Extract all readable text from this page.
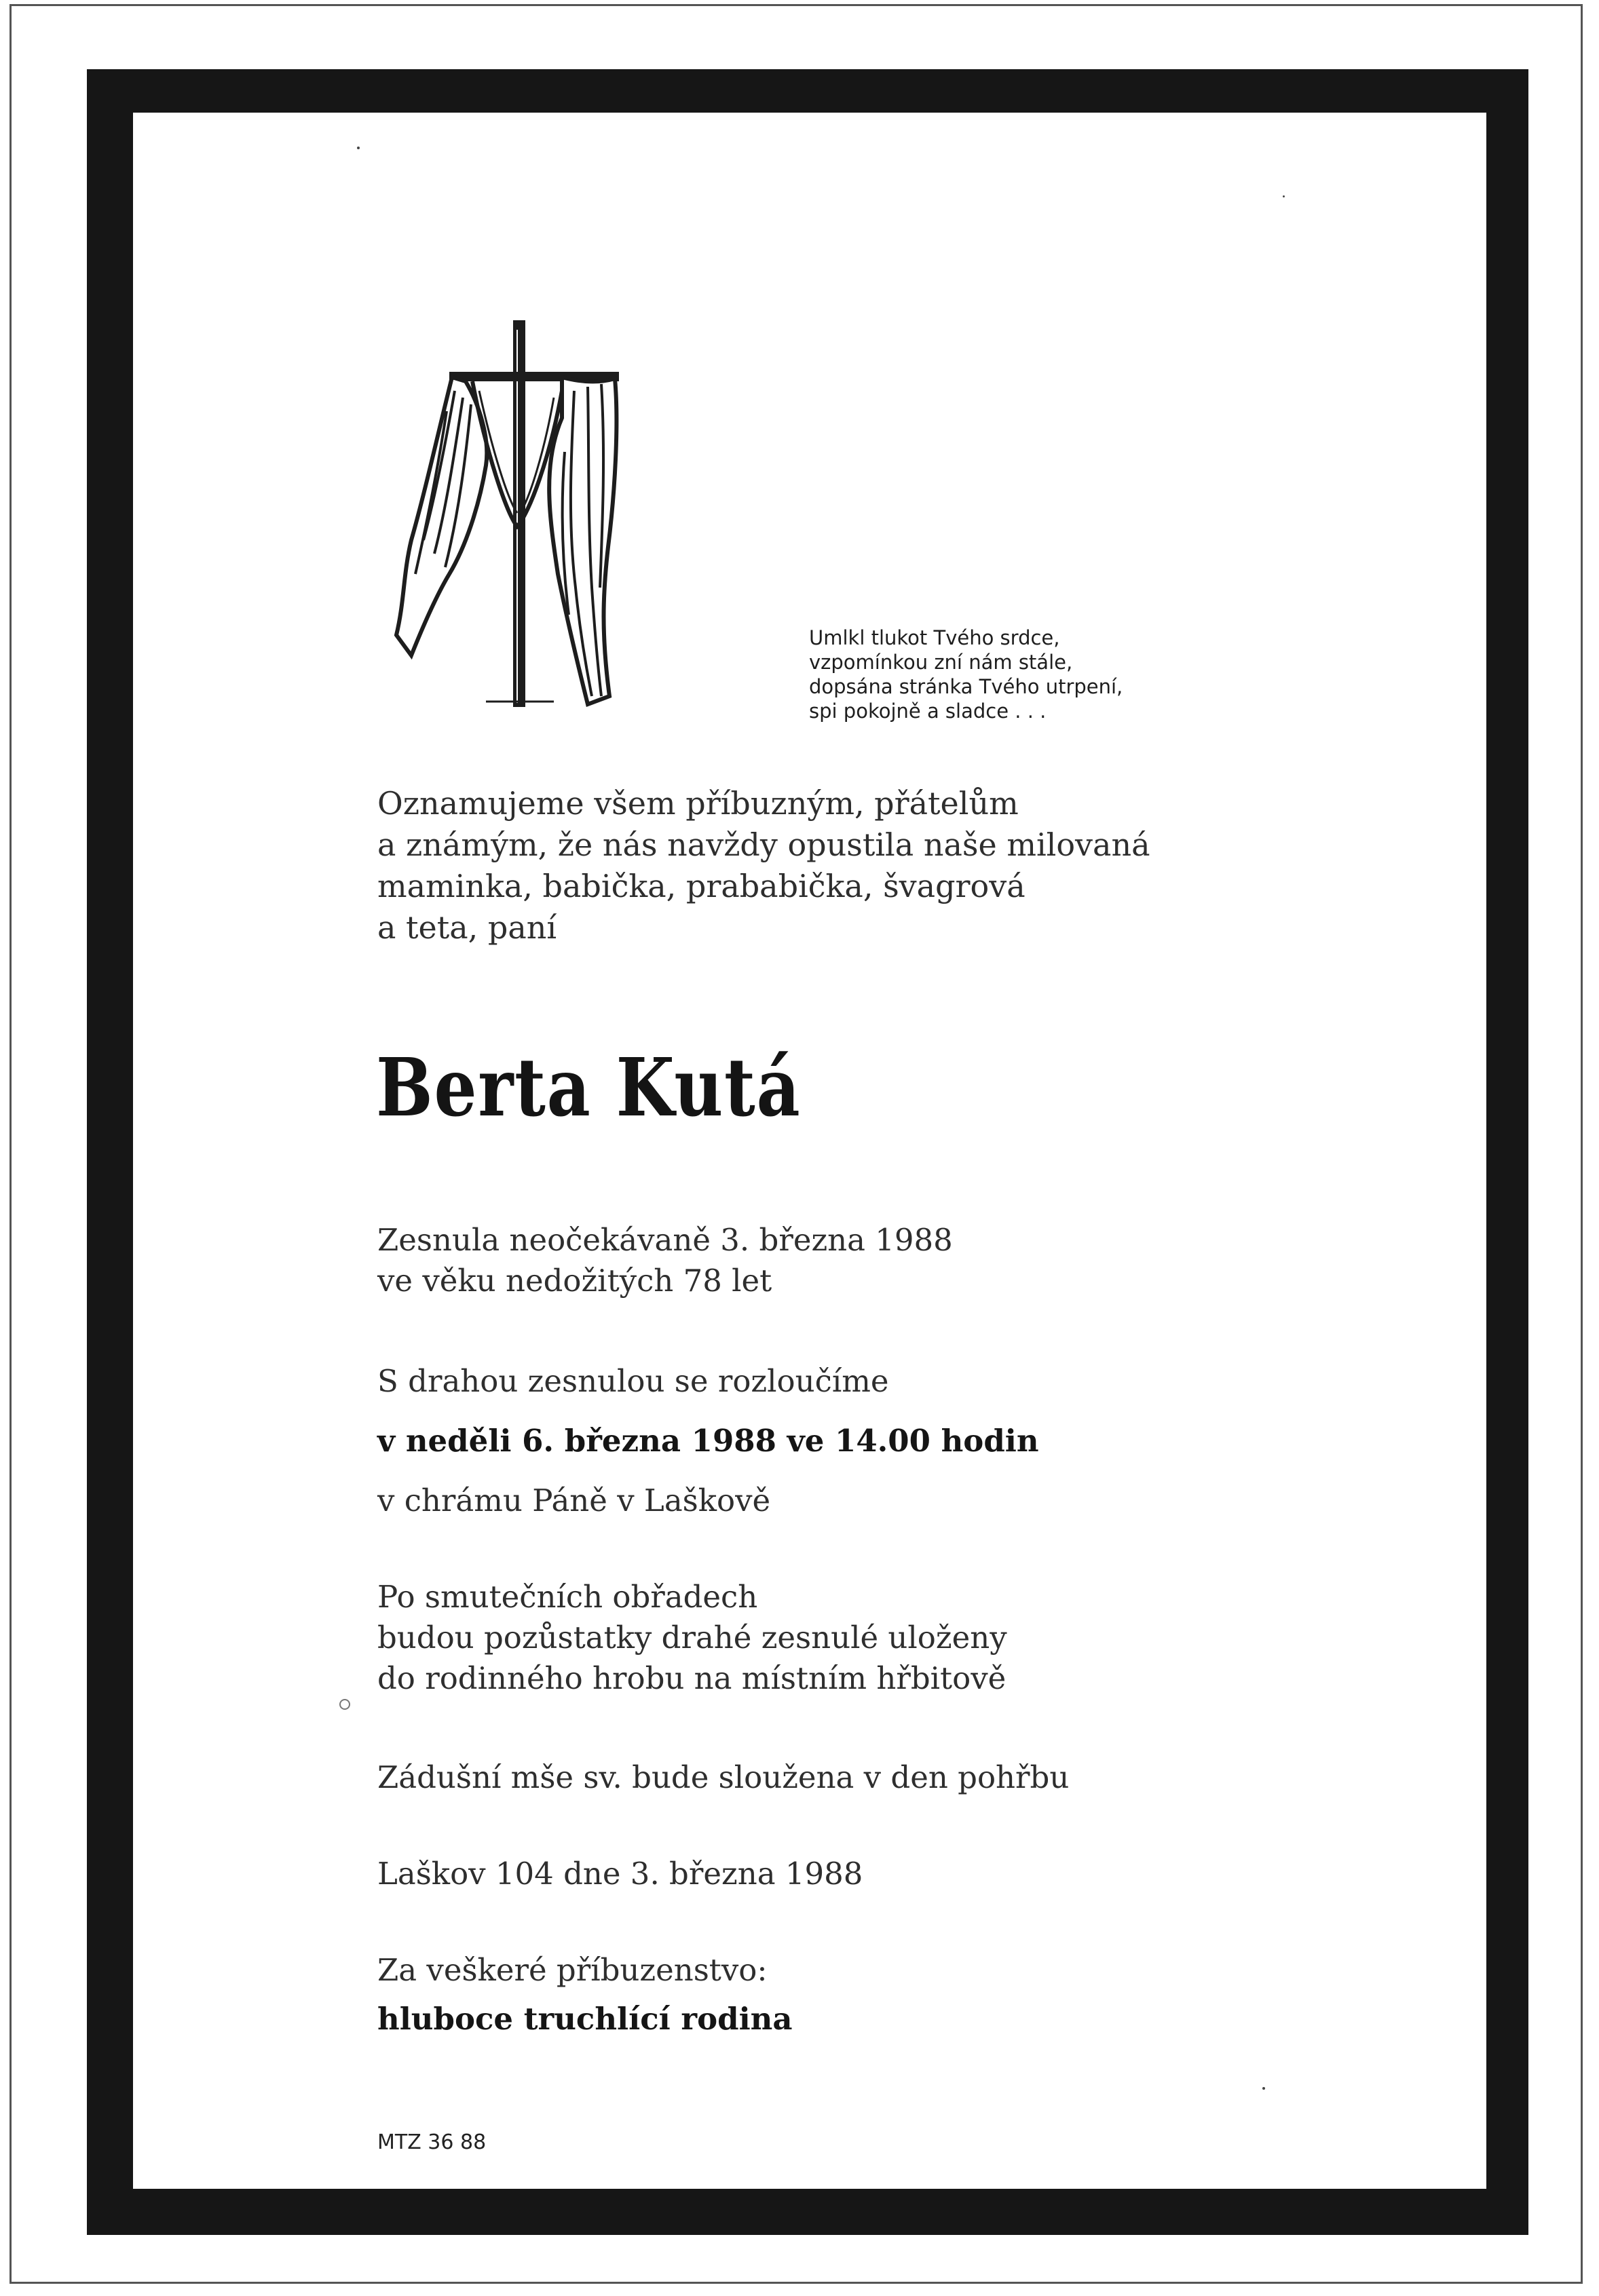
Umlkl tlukot Tvého srdce,
vzpomínkou zní nám stále,
dopsána stránka Tvého utrpení,
spi pokojně a sladce . . .
Oznamujeme všem příbuzným, přátelům
a známým, že nás navždy opustila naše milovaná
maminka, babička, prababička, švagrová
a teta, paní
Berta Kutá
Zesnula neočekávaně 3. března 1988
ve věku nedožitých 78 let
S drahou zesnulou se rozloučíme
v neděli 6. března 1988 ve 14.00 hodin
v chrámu Páně v Laškově
Po smutečních obřadech
budou pozůstatky drahé zesnulé uloženy
do rodinného hrobu na místním hřbitově
Zádušní mše sv. bude sloužena v den pohřbu
Laškov 104 dne 3. března 1988
Za veškeré příbuzenstvo:
hluboce truchlící rodina
MTZ 36 88
